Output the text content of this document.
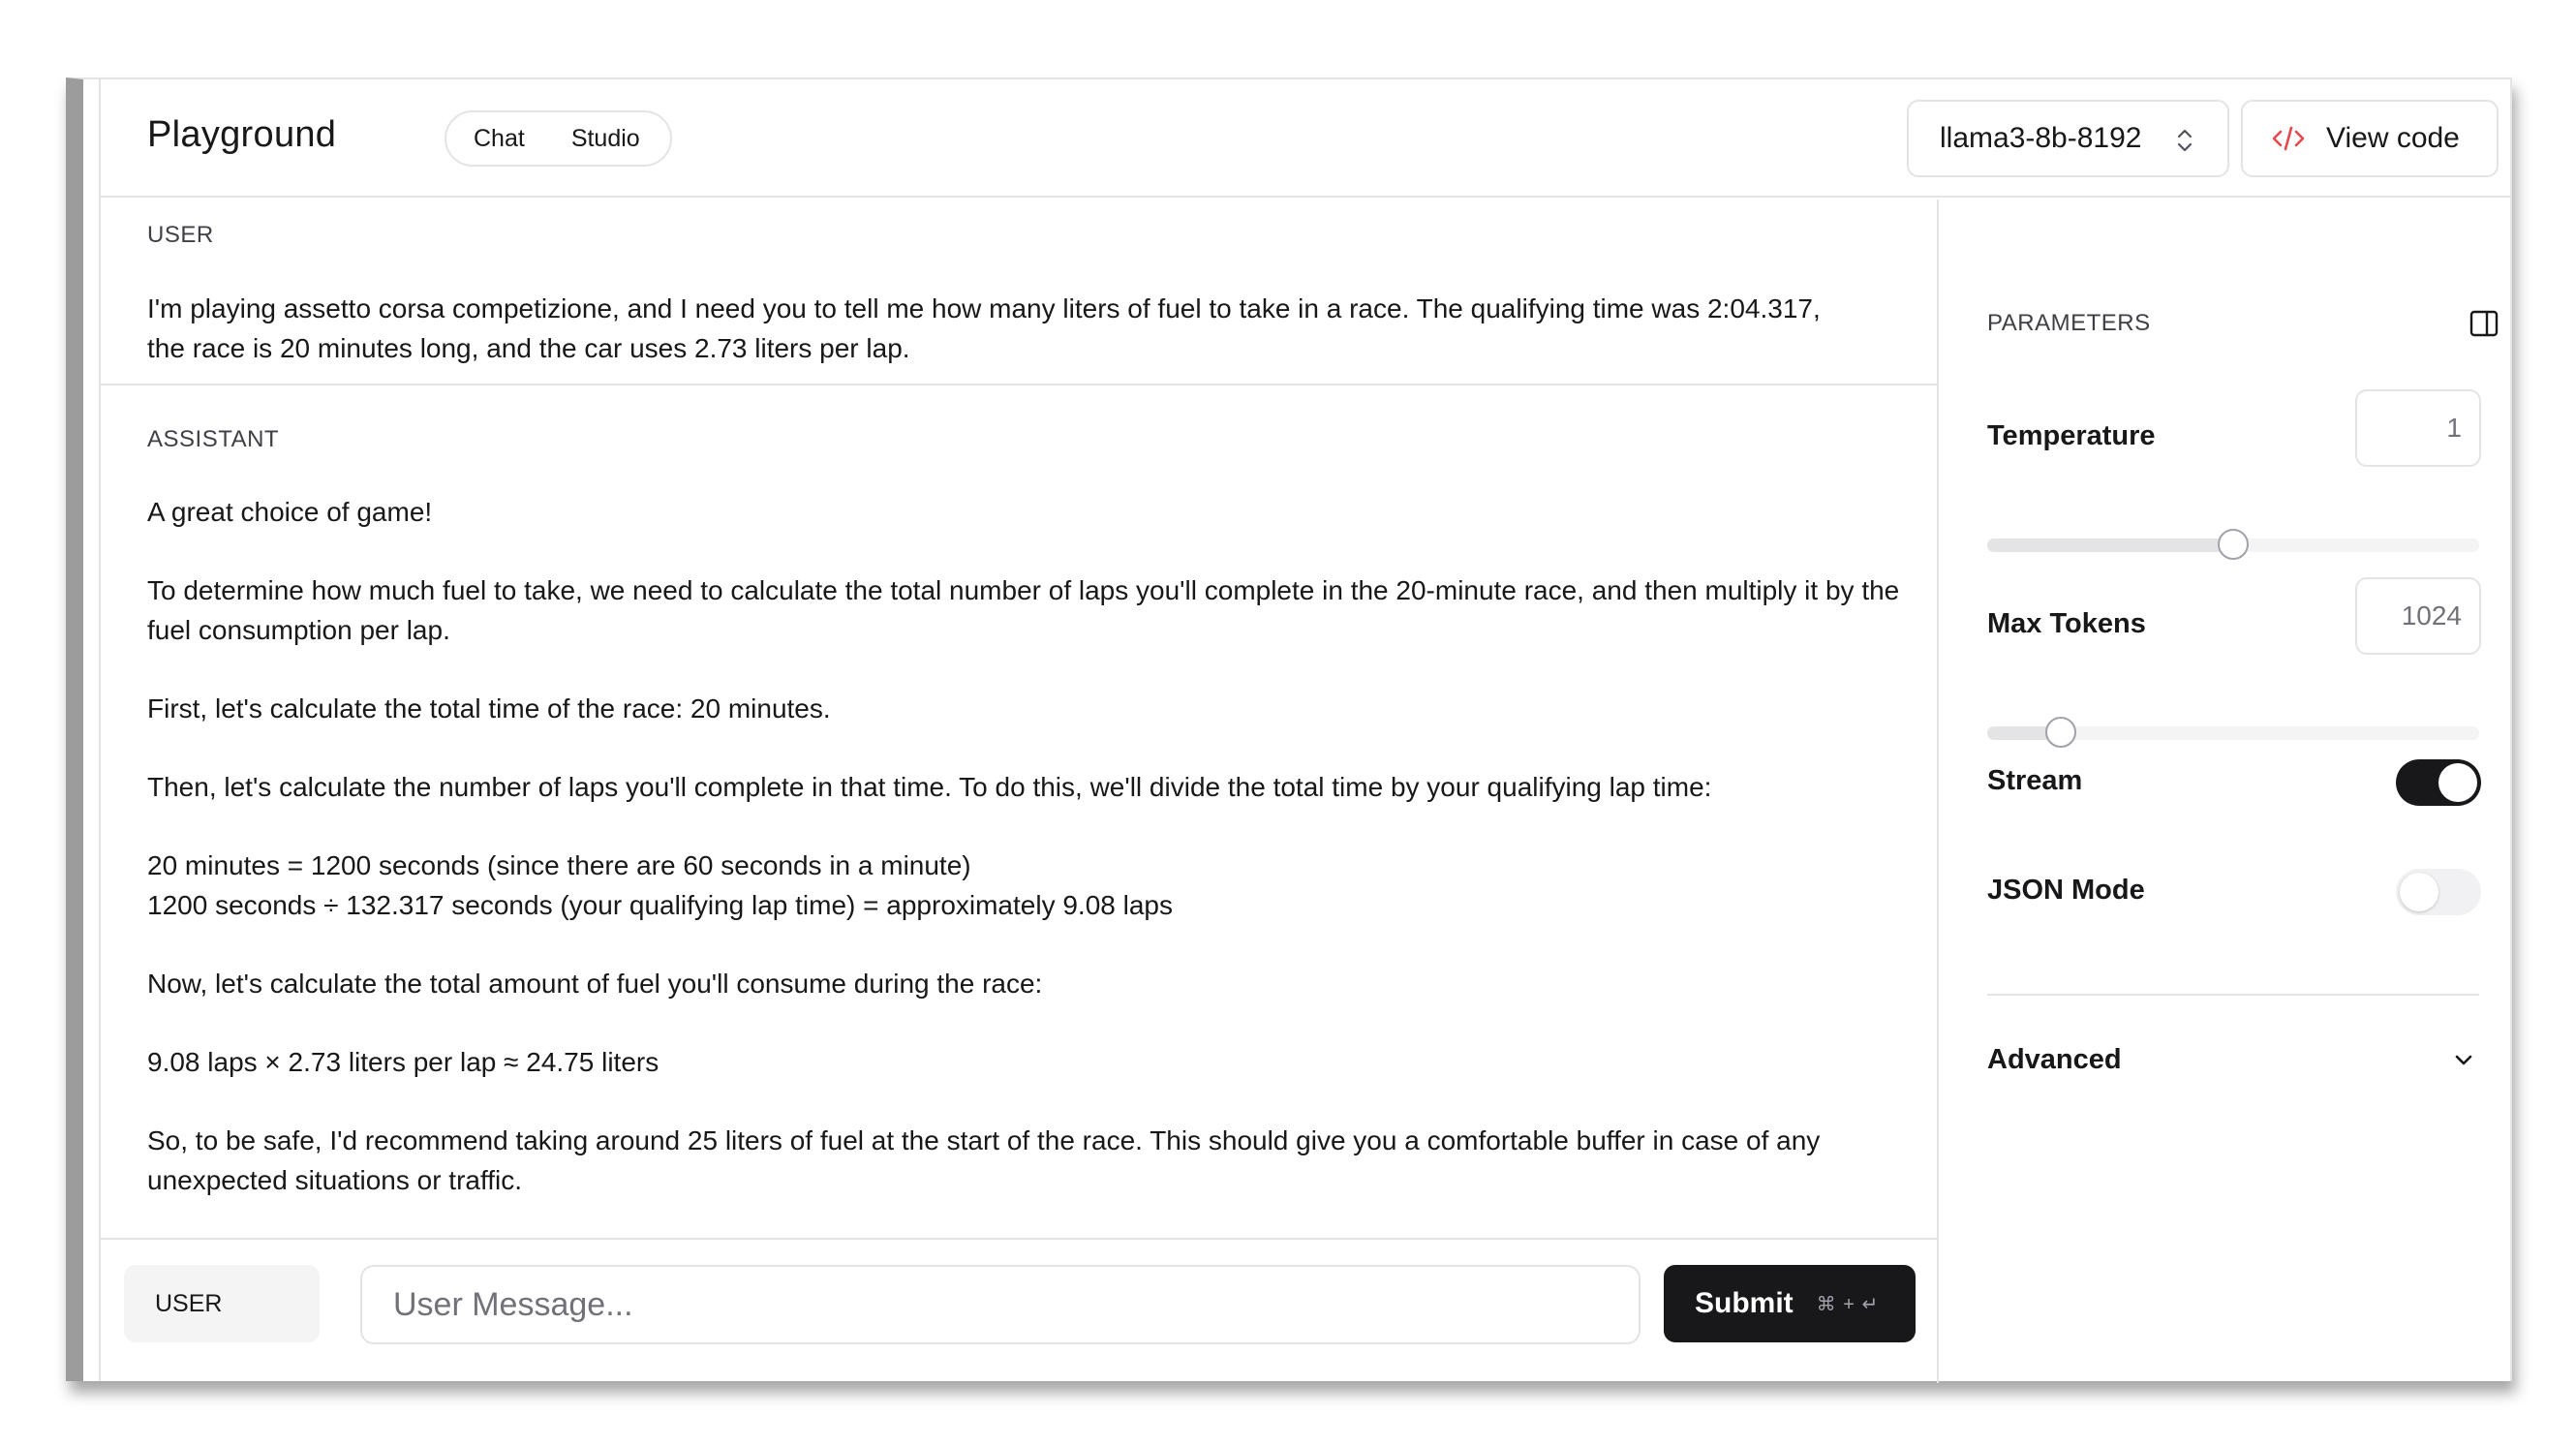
Playground	Chat Studio	llama3-8b-8192	View code
USER
I'm playing assetto corsa competizione, and I need you to tell me how many liters of fuel to take in a race. The qualifying time was 2:04.317, the race is 20 minutes long, and the car uses 2.73 liters per lap.
ASSISTANT

A great choice of game!

To determine how much fuel to take, we need to calculate the total number of laps you'll complete in the 20-minute race, and then multiply it by the fuel consumption per lap.

First, let's calculate the total time of the race: 20 minutes.

Then, let's calculate the number of laps you'll complete in that time. To do this, we'll divide the total time by your qualifying lap time:

20 minutes = 1200 seconds (since there are 60 seconds in a minute)
1200 seconds ÷ 132.317 seconds (your qualifying lap time) = approximately 9.08 laps

Now, let's calculate the total amount of fuel you'll consume during the race:

9.08 laps × 2.73 liters per lap ≈ 24.75 liters

So, to be safe, I'd recommend taking around 25 liters of fuel at the start of the race. This should give you a comfortable buffer in case of any unexpected situations or traffic.

USER
User Message...	Submit ⌘ + ↵
PARAMETERS
Temperature	1
Max Tokens	1024
Stream
JSON Mode
Advanced
